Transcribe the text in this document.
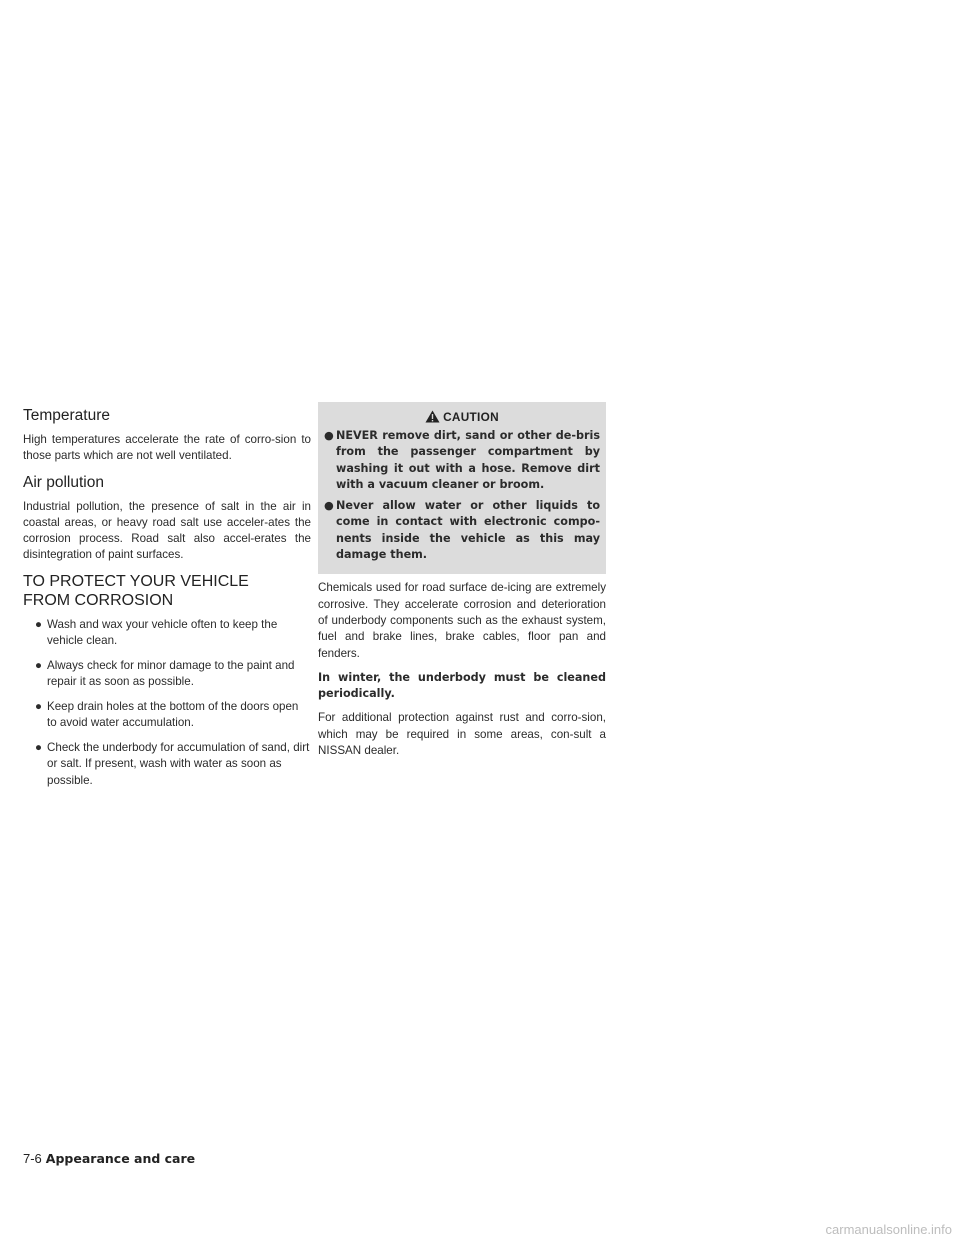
Temperature

High temperatures accelerate the rate of corro-sion to those parts which are not well ventilated.

Air pollution

Industrial pollution, the presence of salt in the air in coastal areas, or heavy road salt use acceler-ates the corrosion process. Road salt also accel-erates the disintegration of paint surfaces.

TO PROTECT YOUR VEHICLE
FROM CORROSION
● Wash and wax your vehicle often to keep the vehicle clean.
● Always check for minor damage to the paint and repair it as soon as possible.
● Keep drain holes at the bottom of the doors open to avoid water accumulation.
● Check the underbody for accumulation of sand, dirt or salt. If present, wash with water as soon as possible.
CAUTION
● NEVER remove dirt, sand or other de-bris from the passenger compartment by washing it out with a hose. Remove dirt with a vacuum cleaner or broom.
● Never allow water or other liquids to come in contact with electronic compo-nents inside the vehicle as this may damage them.

Chemicals used for road surface de-icing are extremely corrosive. They accelerate corrosion and deterioration of underbody components such as the exhaust system, fuel and brake lines, brake cables, floor pan and fenders.

In winter, the underbody must be cleaned periodically.

For additional protection against rust and corro-sion, which may be required in some areas, con-sult a NISSAN dealer.

7-6 Appearance and care
carmanualsonline.info
